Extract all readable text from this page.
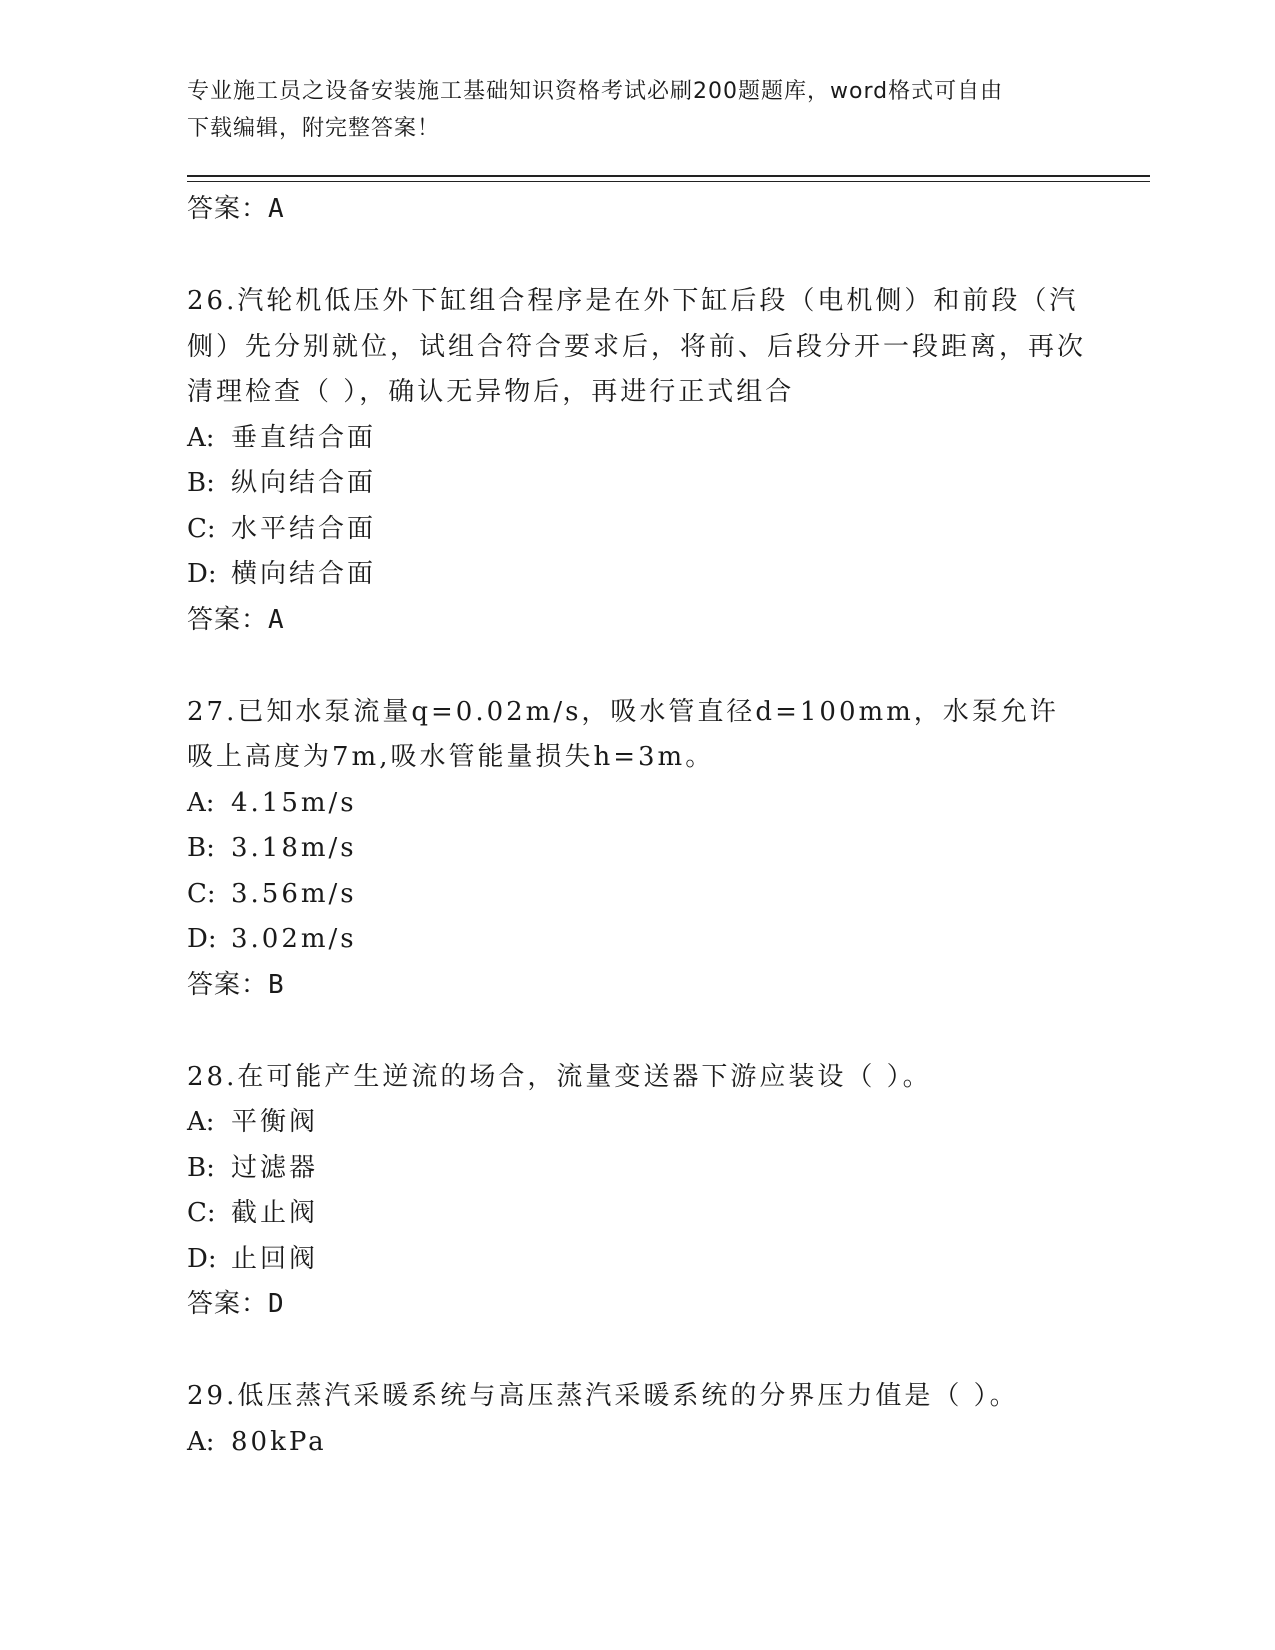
专业施工员之设备安装施工基础知识资格考试必刷200题题库，word格式可自由
下载编辑，附完整答案！
答案：A
26.汽轮机低压外下缸组合程序是在外下缸后段（电机侧）和前段（汽侧）先分别就位，试组合符合要求后，将前、后段分开一段距离，再次清理检查（ ），确认无异物后，再进行正式组合
A: 垂直结合面
B: 纵向结合面
C: 水平结合面
D: 横向结合面
答案：A
27.已知水泵流量q=0.02m/s，吸水管直径d=100mm，水泵允许吸上高度为7m,吸水管能量损失h=3m。
A: 4.15m/s
B: 3.18m/s
C: 3.56m/s
D: 3.02m/s
答案：B
28.在可能产生逆流的场合，流量变送器下游应装设（ ）。
A: 平衡阀
B: 过滤器
C: 截止阀
D: 止回阀
答案：D
29.低压蒸汽采暖系统与高压蒸汽采暖系统的分界压力值是（ ）。
A: 80kPa
